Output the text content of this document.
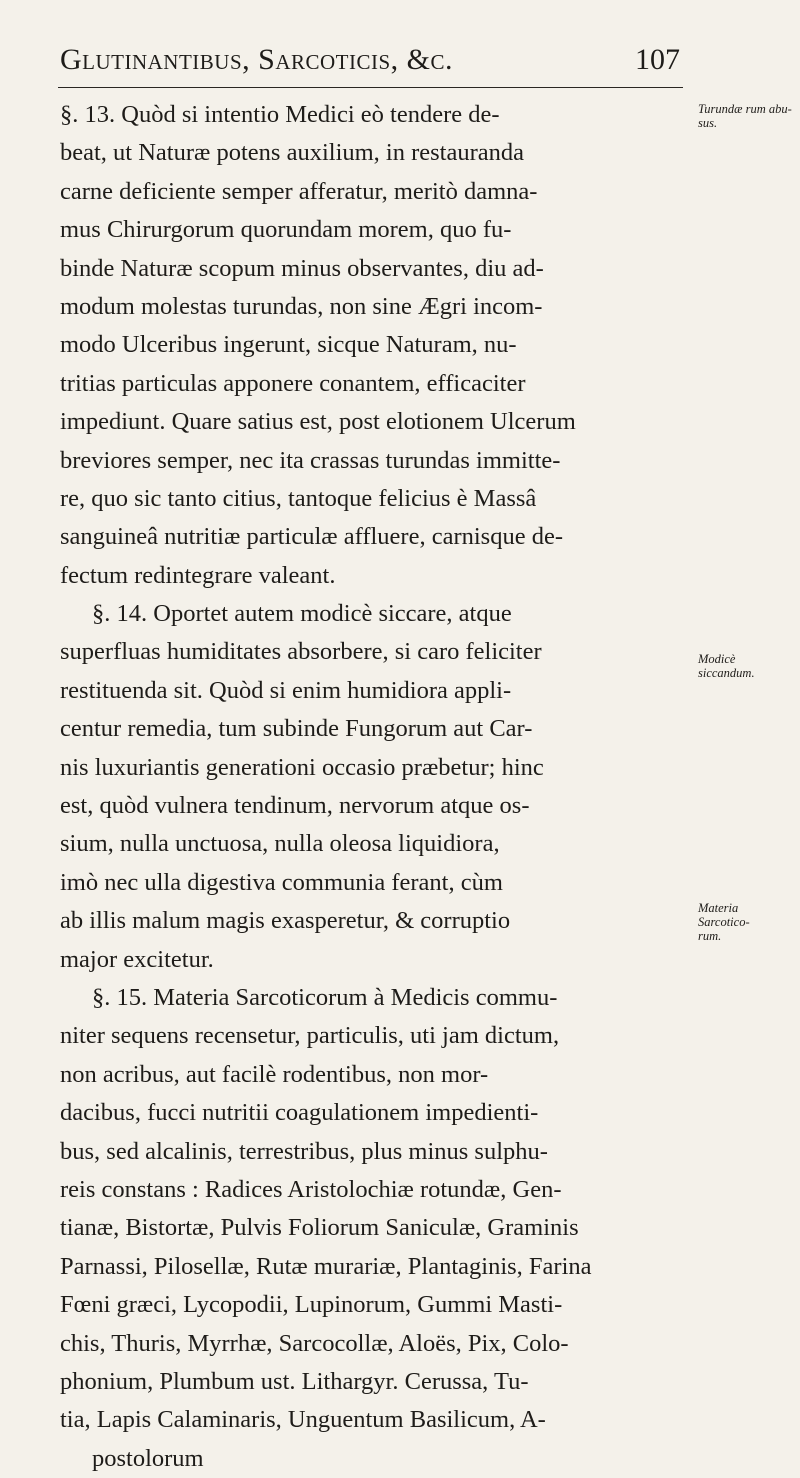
Glutinantibus, Sarcoticis, &c.	107
§. 13. Quòd si intentio Medici eò tendere de-
beat, ut Naturæ potens auxilium, in restauranda
carne deficiente semper afferatur, meritò damna-
mus Chirurgorum quorundam morem, quo fu-
binde Naturæ scopum minus observantes, diu ad-
modum molestas turundas, non sine Ægri incom-
modo Ulceribus ingerunt, sicque Naturam, nu-
tritias particulas apponere conantem, efficaciter
impediunt. Quare satius est, post elotionem Ulcerum
breviores semper, nec ita crassas turundas immitte-
re, quo sic tanto citius, tantoque felicius è Massâ
sanguineâ nutritiæ particulæ affluere, carnisque de-
fectum redintegrare valeant.
§. 14. Oportet autem modicè siccare, atque
superfluas humiditates absorbere, si caro feliciter
restituenda sit. Quòd si enim humidiora appli-
centur remedia, tum subinde Fungorum aut Car-
nis luxuriantis generationi occasio præbetur; hinc
est, quòd vulnera tendinum, nervorum atque os-
sium, nulla unctuosa, nulla oleosa liquidiora,
imò nec ulla digestiva communia ferant, cùm
ab illis malum magis exasperetur, & corruptio
major excitetur.
§. 15. Materia Sarcoticorum à Medicis commu-
niter sequens recensetur, particulis, uti jam dictum,
non acribus, aut facilè rodentibus, non mor-
dacibus, fucci nutritii coagulationem impedienti-
bus, sed alcalinis, terrestribus, plus minus sulphu-
reis constans : Radices Aristolochiæ rotundæ, Gen-
tianæ, Bistortæ, Pulvis Foliorum Saniculæ, Graminis
Parnassi, Pilosellæ, Rutæ murariæ, Plantaginis, Farina
Fœni græci, Lycopodii, Lupinorum, Gummi Masti-
chis, Thuris, Myrrhæ, Sarcocollæ, Aloës, Pix, Colo-
phonium, Plumbum ust. Lithargyr. Cerussa, Tu-
tia, Lapis Calaminaris, Unguentum Basilicum, A-
postolorum
Turundæ rum abu-
sus.
Modicè
siccandum.
Materia
Sarcotico-
rum.
